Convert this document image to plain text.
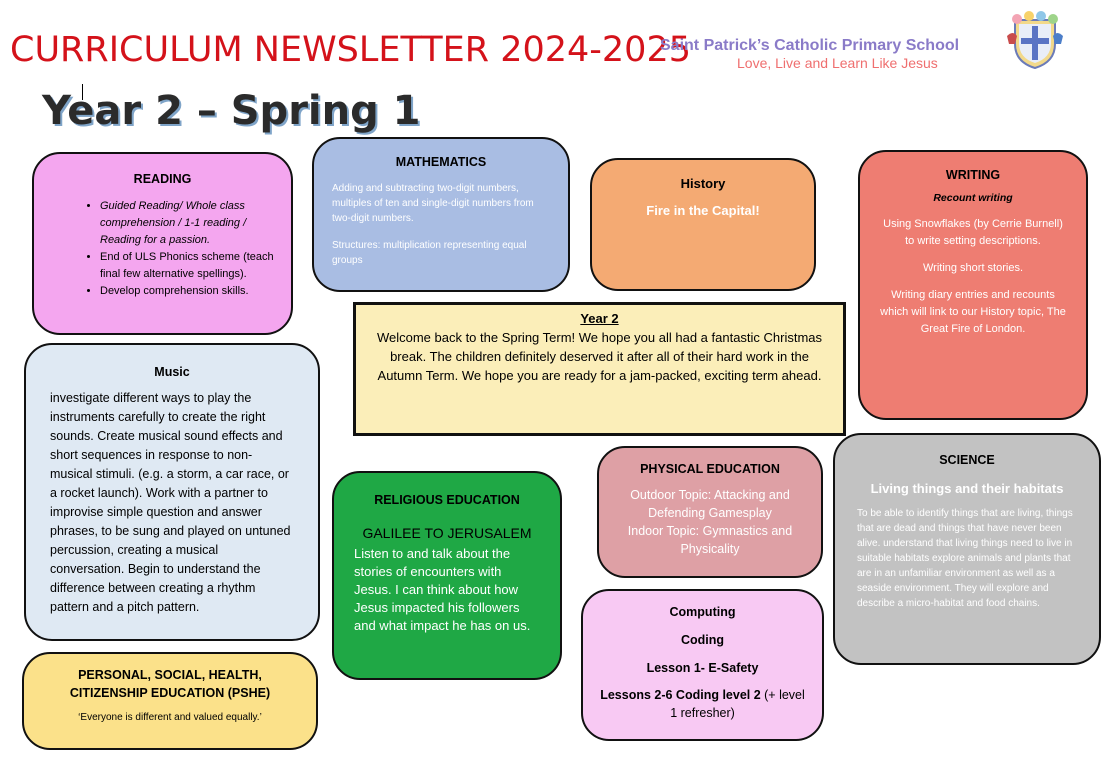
CURRICULUM NEWSLETTER 2024-2025
Saint Patrick’s Catholic Primary School
Love, Live and Learn Like Jesus
Year 2 – Spring 1
READING
• Guided Reading/ Whole class comprehension / 1-1 reading / Reading for a passion.
• End of ULS Phonics scheme (teach final few alternative spellings).
• Develop comprehension skills.
MATHEMATICS
Adding and subtracting two-digit numbers, multiples of ten and single-digit numbers from two-digit numbers.
Structures: multiplication representing equal groups
History
Fire in the Capital!
WRITING
Recount writing
Using Snowflakes (by Cerrie Burnell) to write setting descriptions.
Writing short stories.
Writing diary entries and recounts which will link to our History topic, The Great Fire of London.
Year 2
Welcome back to the Spring Term! We hope you all had a fantastic Christmas break. The children definitely deserved it after all of their hard work in the Autumn Term. We hope you are ready for a jam-packed, exciting term ahead.
Music
investigate different ways to play the instruments carefully to create the right sounds. Create musical sound effects and short sequences in response to non-musical stimuli. (e.g. a storm, a car race, or a rocket launch). Work with a partner to improvise simple question and answer phrases, to be sung and played on untuned percussion, creating a musical conversation. Begin to understand the difference between creating a rhythm pattern and a pitch pattern.
RELIGIOUS EDUCATION
GALILEE TO JERUSALEM
Listen to and talk about the stories of encounters with Jesus. I can think about how Jesus impacted his followers and what impact he has on us.
PHYSICAL EDUCATION
Outdoor Topic: Attacking and Defending Gamesplay
Indoor Topic: Gymnastics and Physicality
SCIENCE
Living things and their habitats
To be able to identify things that are living, things that are dead and things that have never been alive. understand that living things need to live in suitable habitats explore animals and plants that are in an unfamiliar environment as well as a seaside environment. They will explore and describe a micro-habitat and food chains.
Computing
Coding
Lesson 1- E-Safety
Lessons 2-6 Coding level 2 (+ level 1 refresher)
PERSONAL, SOCIAL, HEALTH, CITIZENSHIP EDUCATION (PSHE)
‘Everyone is different and valued equally.’
